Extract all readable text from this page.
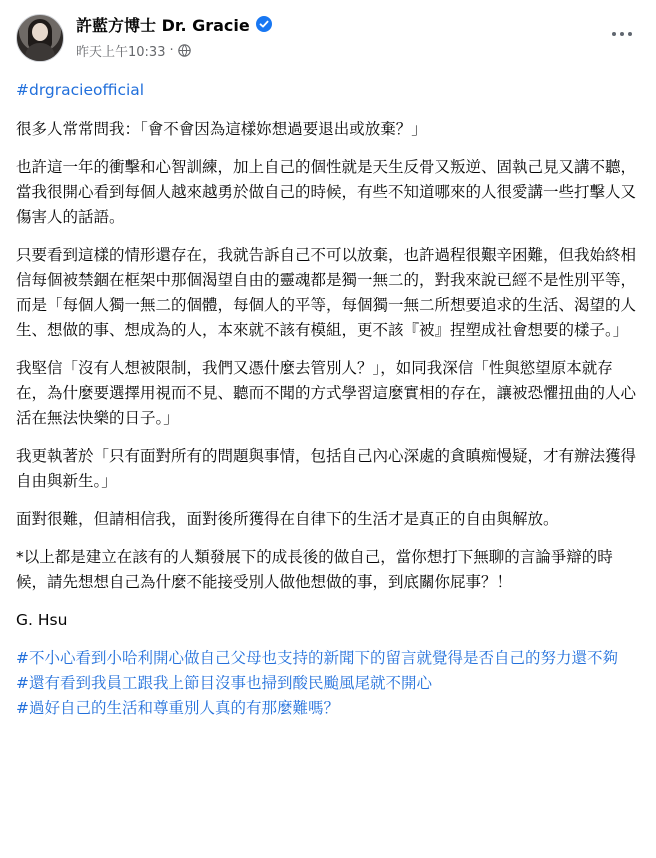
許藍方博士 Dr. Gracie
昨天上午10:33 ·
#drgracieofficial

很多人常常問我：「會不會因為這樣妳想過要退出或放棄？」

也許這一年的衝擊和心智訓練，加上自己的個性就是天生反骨又叛逆、固執己見又講不聽，當我很開心看到每個人越來越勇於做自己的時候，有些不知道哪來的人很愛講一些打擊人又傷害人的話語。

只要看到這樣的情形還存在，我就告訴自己不可以放棄，也許過程很艱辛困難，但我始終相信每個被禁錮在框架中那個渴望自由的靈魂都是獨一無二的，對我來說已經不是性別平等，而是「每個人獨一無二的個體，每個人的平等，每個獨一無二所想要追求的生活、渴望的人生、想做的事、想成為的人，本來就不該有模組，更不該『被』捏塑成社會想要的樣子。」

我堅信「沒有人想被限制，我們又憑什麼去管別人？」，如同我深信「性與慾望原本就存在，為什麼要選擇用視而不見、聽而不聞的方式學習這麼實相的存在，讓被恐懼扭曲的人心活在無法快樂的日子。」

我更執著於「只有面對所有的問題與事情，包括自己內心深處的貪瞋痴慢疑，才有辦法獲得自由與新生。」

面對很難，但請相信我，面對後所獲得在自律下的生活才是真正的自由與解放。

*以上都是建立在該有的人類發展下的成長後的做自己，當你想打下無聊的言論爭辯的時候，請先想想自己為什麼不能接受別人做他想做的事，到底關你屁事？！

G. Hsu

#不小心看到小哈利開心做自己父母也支持的新聞下的留言就覺得是否自己的努力還不夠
#還有看到我員工跟我上節目沒事也掃到酸民颱風尾就不開心
#過好自己的生活和尊重別人真的有那麼難嗎？
